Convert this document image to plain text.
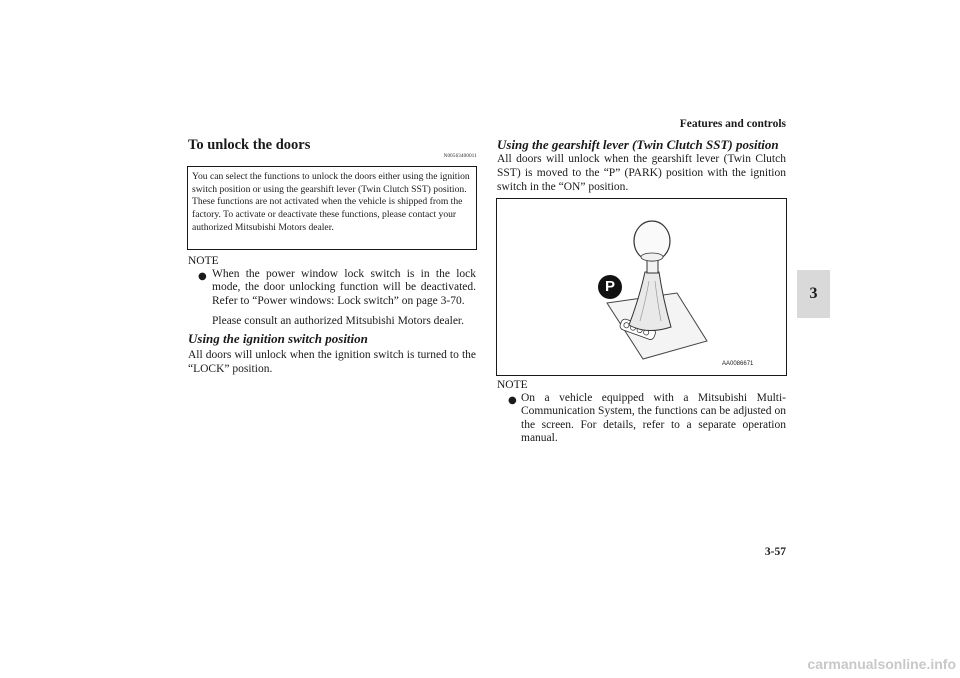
Features and controls
3
3-57
To unlock the doors
N00563400011
You can select the functions to unlock the doors either using the ignition switch position or using the gearshift lever (Twin Clutch SST) position. These functions are not activated when the vehicle is shipped from the factory. To activate or deactivate these functions, please contact your authorized Mitsubishi Motors dealer.
NOTE
● When the power window lock switch is in the lock mode, the door unlocking function will be deactivated. Refer to “Power windows: Lock switch” on page 3-70.
Please consult an authorized Mitsubishi Motors dealer.
Using the ignition switch position
All doors will unlock when the ignition switch is turned to the “LOCK” position.
Using the gearshift lever (Twin Clutch SST) position
All doors will unlock when the gearshift lever (Twin Clutch SST) is moved to the “P” (PARK) position with the ignition switch in the “ON” position.
P
AA0086671
NOTE
● On a vehicle equipped with a Mitsubishi Multi-Communication System, the functions can be adjusted on the screen. For details, refer to a separate operation manual.
carmanualsonline.info
